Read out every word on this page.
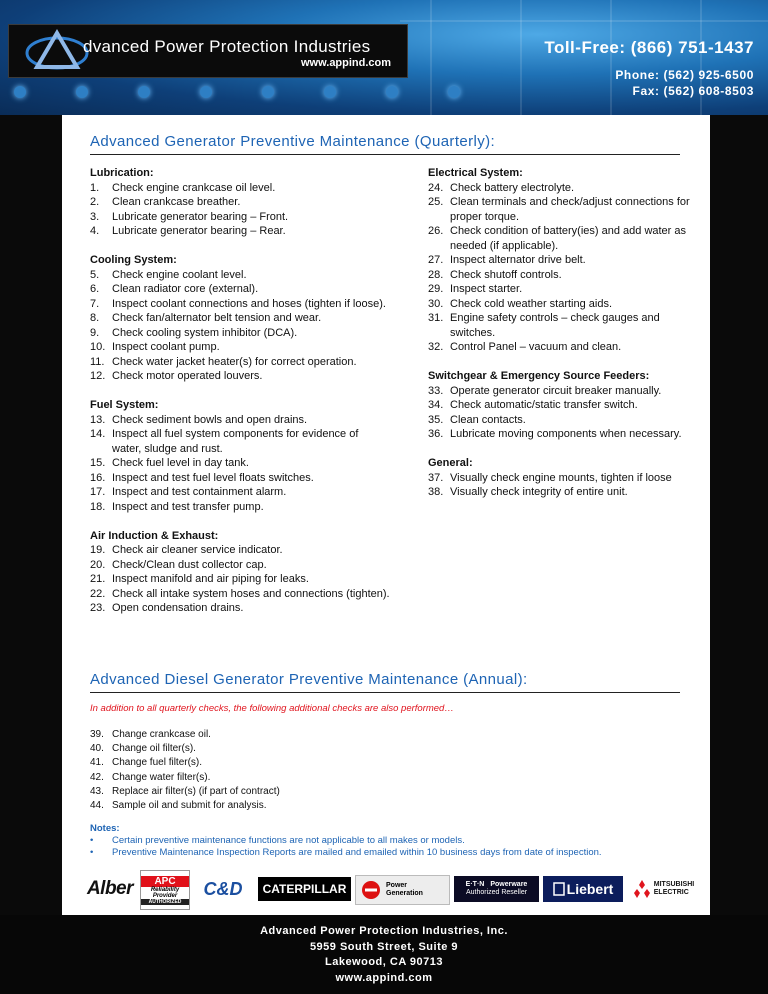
dvanced Power Protection Industries
www.appind.com
Toll-Free: (866) 751-1437
Phone: (562) 925-6500
Fax: (562) 608-8503
Advanced Generator Preventive Maintenance (Quarterly):
Lubrication:
1.	Check engine crankcase oil level.
2.	Clean crankcase breather.
3.	Lubricate generator bearing – Front.
4.	Lubricate generator bearing – Rear.
Cooling System:
5.	Check engine coolant level.
6.	Clean radiator core (external).
7.	Inspect coolant connections and hoses (tighten if loose).
8.	Check fan/alternator belt tension and wear.
9.	Check cooling system inhibitor (DCA).
10. Inspect coolant pump.
11. Check water jacket heater(s) for correct operation.
12. Check motor operated louvers.
Fuel System:
13. Check sediment bowls and open drains.
14. Inspect all fuel system components for evidence of water, sludge and rust.
15. Check fuel level in day tank.
16. Inspect and test fuel level floats switches.
17. Inspect and test containment alarm.
18. Inspect and test transfer pump.
Air Induction & Exhaust:
19. Check air cleaner service indicator.
20. Check/Clean dust collector cap.
21. Inspect manifold and air piping for leaks.
22. Check all intake system hoses and connections (tighten).
23. Open condensation drains.
Electrical System:
24. Check battery electrolyte.
25. Clean terminals and check/adjust connections for proper torque.
26. Check condition of battery(ies) and add water as needed (if applicable).
27. Inspect alternator drive belt.
28. Check shutoff controls.
29. Inspect starter.
30. Check cold weather starting aids.
31. Engine safety controls – check gauges and switches.
32. Control Panel – vacuum and clean.
Switchgear & Emergency Source Feeders:
33. Operate generator circuit breaker manually.
34. Check automatic/static transfer switch.
35. Clean contacts.
36. Lubricate moving components when necessary.
General:
37. Visually check engine mounts, tighten if loose
38. Visually check integrity of entire unit.
Advanced Diesel Generator Preventive Maintenance (Annual):
In addition to all quarterly checks, the following additional checks are also performed…
39. Change crankcase oil.
40. Change oil filter(s).
41. Change fuel filter(s).
42. Change water filter(s).
43. Replace air filter(s) (if part of contract)
44. Sample oil and submit for analysis.
Notes:
•	Certain preventive maintenance functions are not applicable to all makes or models.
•	Preventive Maintenance Inspection Reports are mailed and emailed within 10 business days from date of inspection.
Alber	APC
Reliability
Provider
AUTHORIZED
C&D	CATERPILLAR	Power
Generation
E·T·N Powerware
Authorized Reseller	Liebert	MITSUBISHI
ELECTRIC
Advanced Power Protection Industries, Inc.
5959 South Street, Suite 9
Lakewood, CA 90713
www.appind.com
